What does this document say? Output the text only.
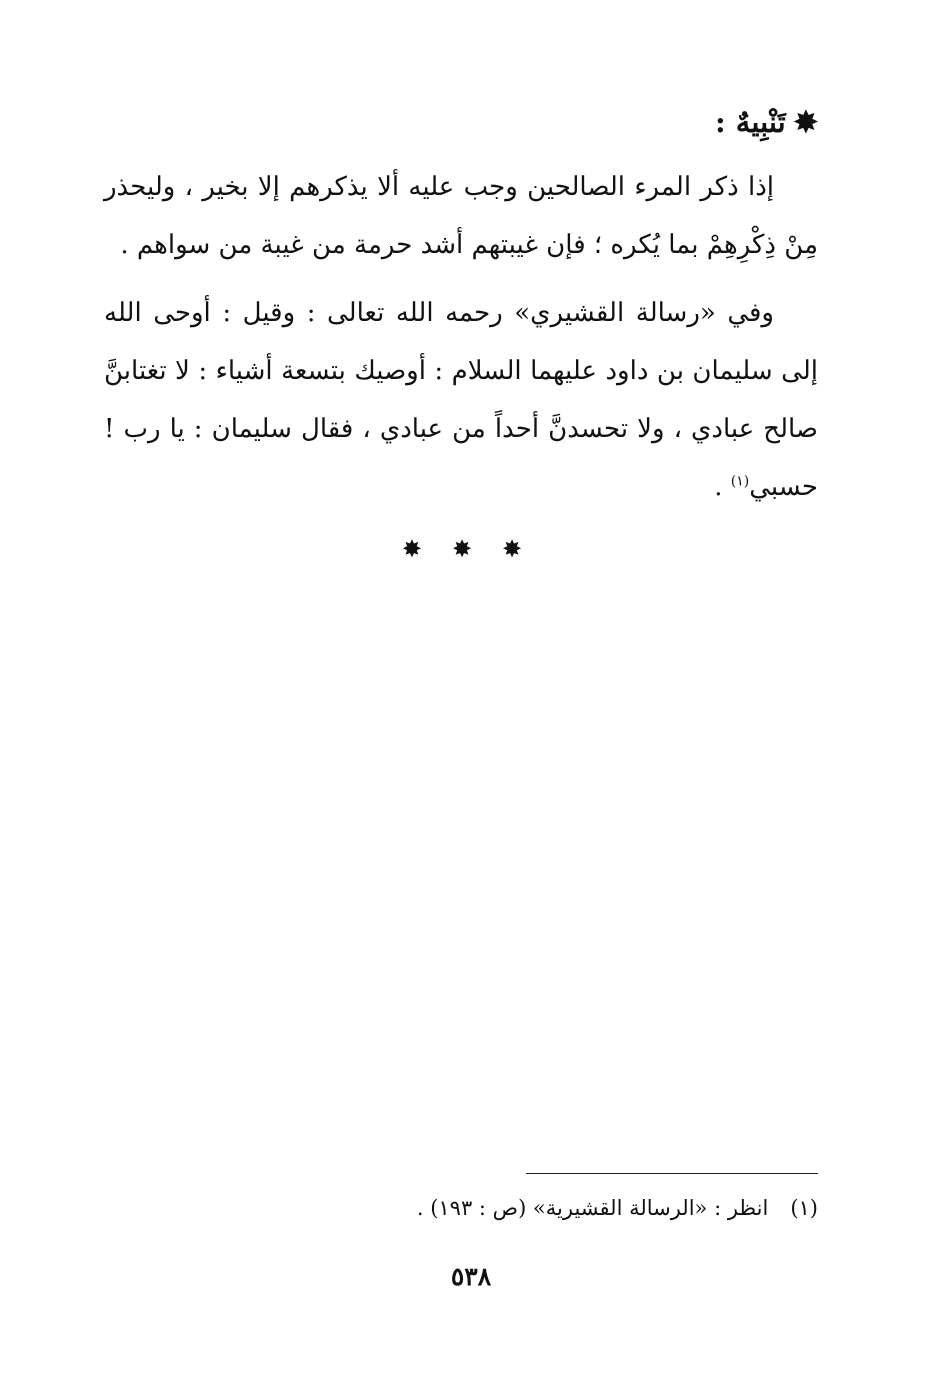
✸تَنْبِيهٌ :

إذا ذكر المرء الصالحين وجب عليه ألا يذكرهم إلا بخير ، وليحذر مِنْ ذِكْرِهِمْ بما يُكره ؛ فإن غيبتهم أشد حرمة من غيبة من سواهم .

وفي «رسالة القشيري» رحمه الله تعالى : وقيل : أوحى الله إلى سليمان بن داود عليهما السلام : أوصيك بتسعة أشياء : لا تغتابنَّ صالح عبادي ، ولا تحسدنَّ أحداً من عبادي ، فقال سليمان : يا رب ! حسبي$^{(١)}$ .

✸ ✸ ✸
(١)انظر : «الرسالة القشيرية» (ص : ١٩٣) .
٥٣٨
